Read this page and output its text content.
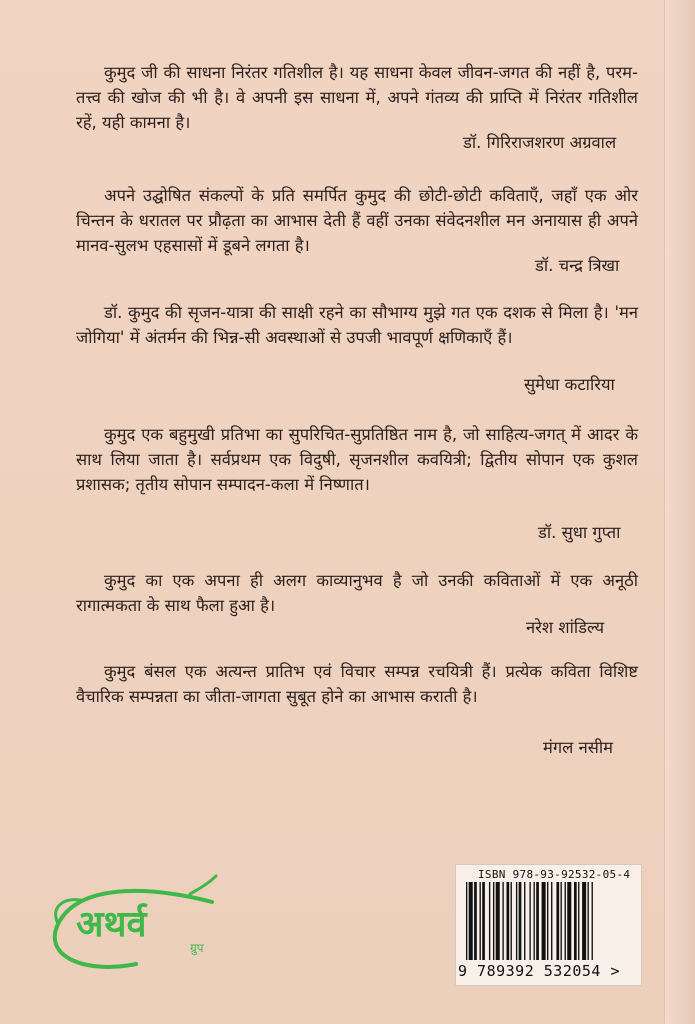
कुमुद जी की साधना निरंतर गतिशील है। यह साधना केवल जीवन-जगत की नहीं है, परम-तत्त्व की खोज की भी है। वे अपनी इस साधना में, अपने गंतव्य की प्राप्ति में निरंतर गतिशील रहें, यही कामना है।

डॉ. गिरिराजशरण अग्रवाल

अपने उद्घोषित संकल्पों के प्रति समर्पित कुमुद की छोटी-छोटी कविताएँ, जहाँ एक ओर चिन्तन के धरातल पर प्रौढ़ता का आभास देती हैं वहीं उनका संवेदनशील मन अनायास ही अपने मानव-सुलभ एहसासों में डूबने लगता है।

डॉ. चन्द्र त्रिखा

डॉ. कुमुद की सृजन-यात्रा की साक्षी रहने का सौभाग्य मुझे गत एक दशक से मिला है। 'मन जोगिया' में अंतर्मन की भिन्न-सी अवस्थाओं से उपजी भावपूर्ण क्षणिकाएँ हैं।

सुमेधा कटारिया

कुमुद एक बहुमुखी प्रतिभा का सुपरिचित-सुप्रतिष्ठित नाम है, जो साहित्य-जगत् में आदर के साथ लिया जाता है। सर्वप्रथम एक विदुषी, सृजनशील कवयित्री; द्वितीय सोपान एक कुशल प्रशासक; तृतीय सोपान सम्पादन-कला में निष्णात।

डॉ. सुधा गुप्ता

कुमुद का एक अपना ही अलग काव्यानुभव है जो उनकी कविताओं में एक अनूठी रागात्मकता के साथ फैला हुआ है।

नरेश शांडिल्य

कुमुद बंसल एक अत्यन्त प्रातिभ एवं विचार सम्पन्न रचयित्री हैं। प्रत्येक कविता विशिष्ट वैचारिक सम्पन्नता का जीता-जागता सुबूत होने का आभास कराती है।

मंगल नसीम
अथर्व
ग्रुप
ISBN 978-93-92532-05-4
9 789392 532054 >
